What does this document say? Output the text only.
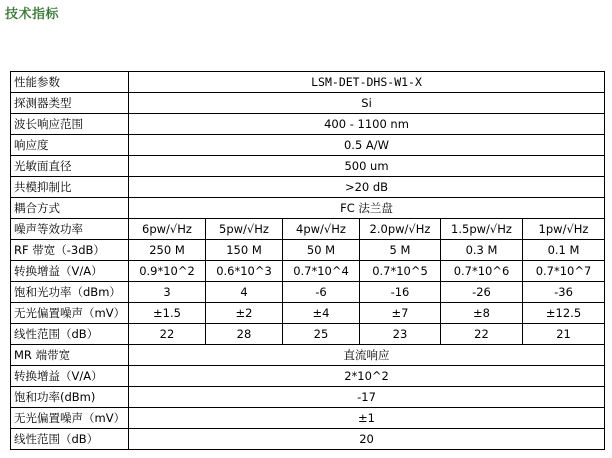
技术指标
性能参数	LSM-DET-DHS-W1-X					
探测器类型	Si					
波长响应范围	400 - 1100 nm					
响应度	0.5 A/W					
光敏面直径	500 um					
共模抑制比	>20 dB					
耦合方式	FC 法兰盘					
噪声等效功率	6pw/√Hz	5pw/√Hz	4pw/√Hz	2.0pw/√Hz	1.5pw/√Hz	1pw/√Hz
RF 带宽（-3dB）	250 M	150 M	50 M	5 M	0.3 M	0.1 M
转换增益（V/A）	0.9*10^2	0.6*10^3	0.7*10^4	0.7*10^5	0.7*10^6	0.7*10^7
饱和光功率（dBm）	3	4	-6	-16	-26	-36
无光偏置噪声（mV）	±1.5	±2	±4	±7	±8	±12.5
线性范围（dB）	22	28	25	23	22	21
MR 端带宽	直流响应					
转换增益（V/A）	2*10^2					
饱和功率(dBm)	-17					
无光偏置噪声（mV）	±1					
线性范围（dB）	20					
